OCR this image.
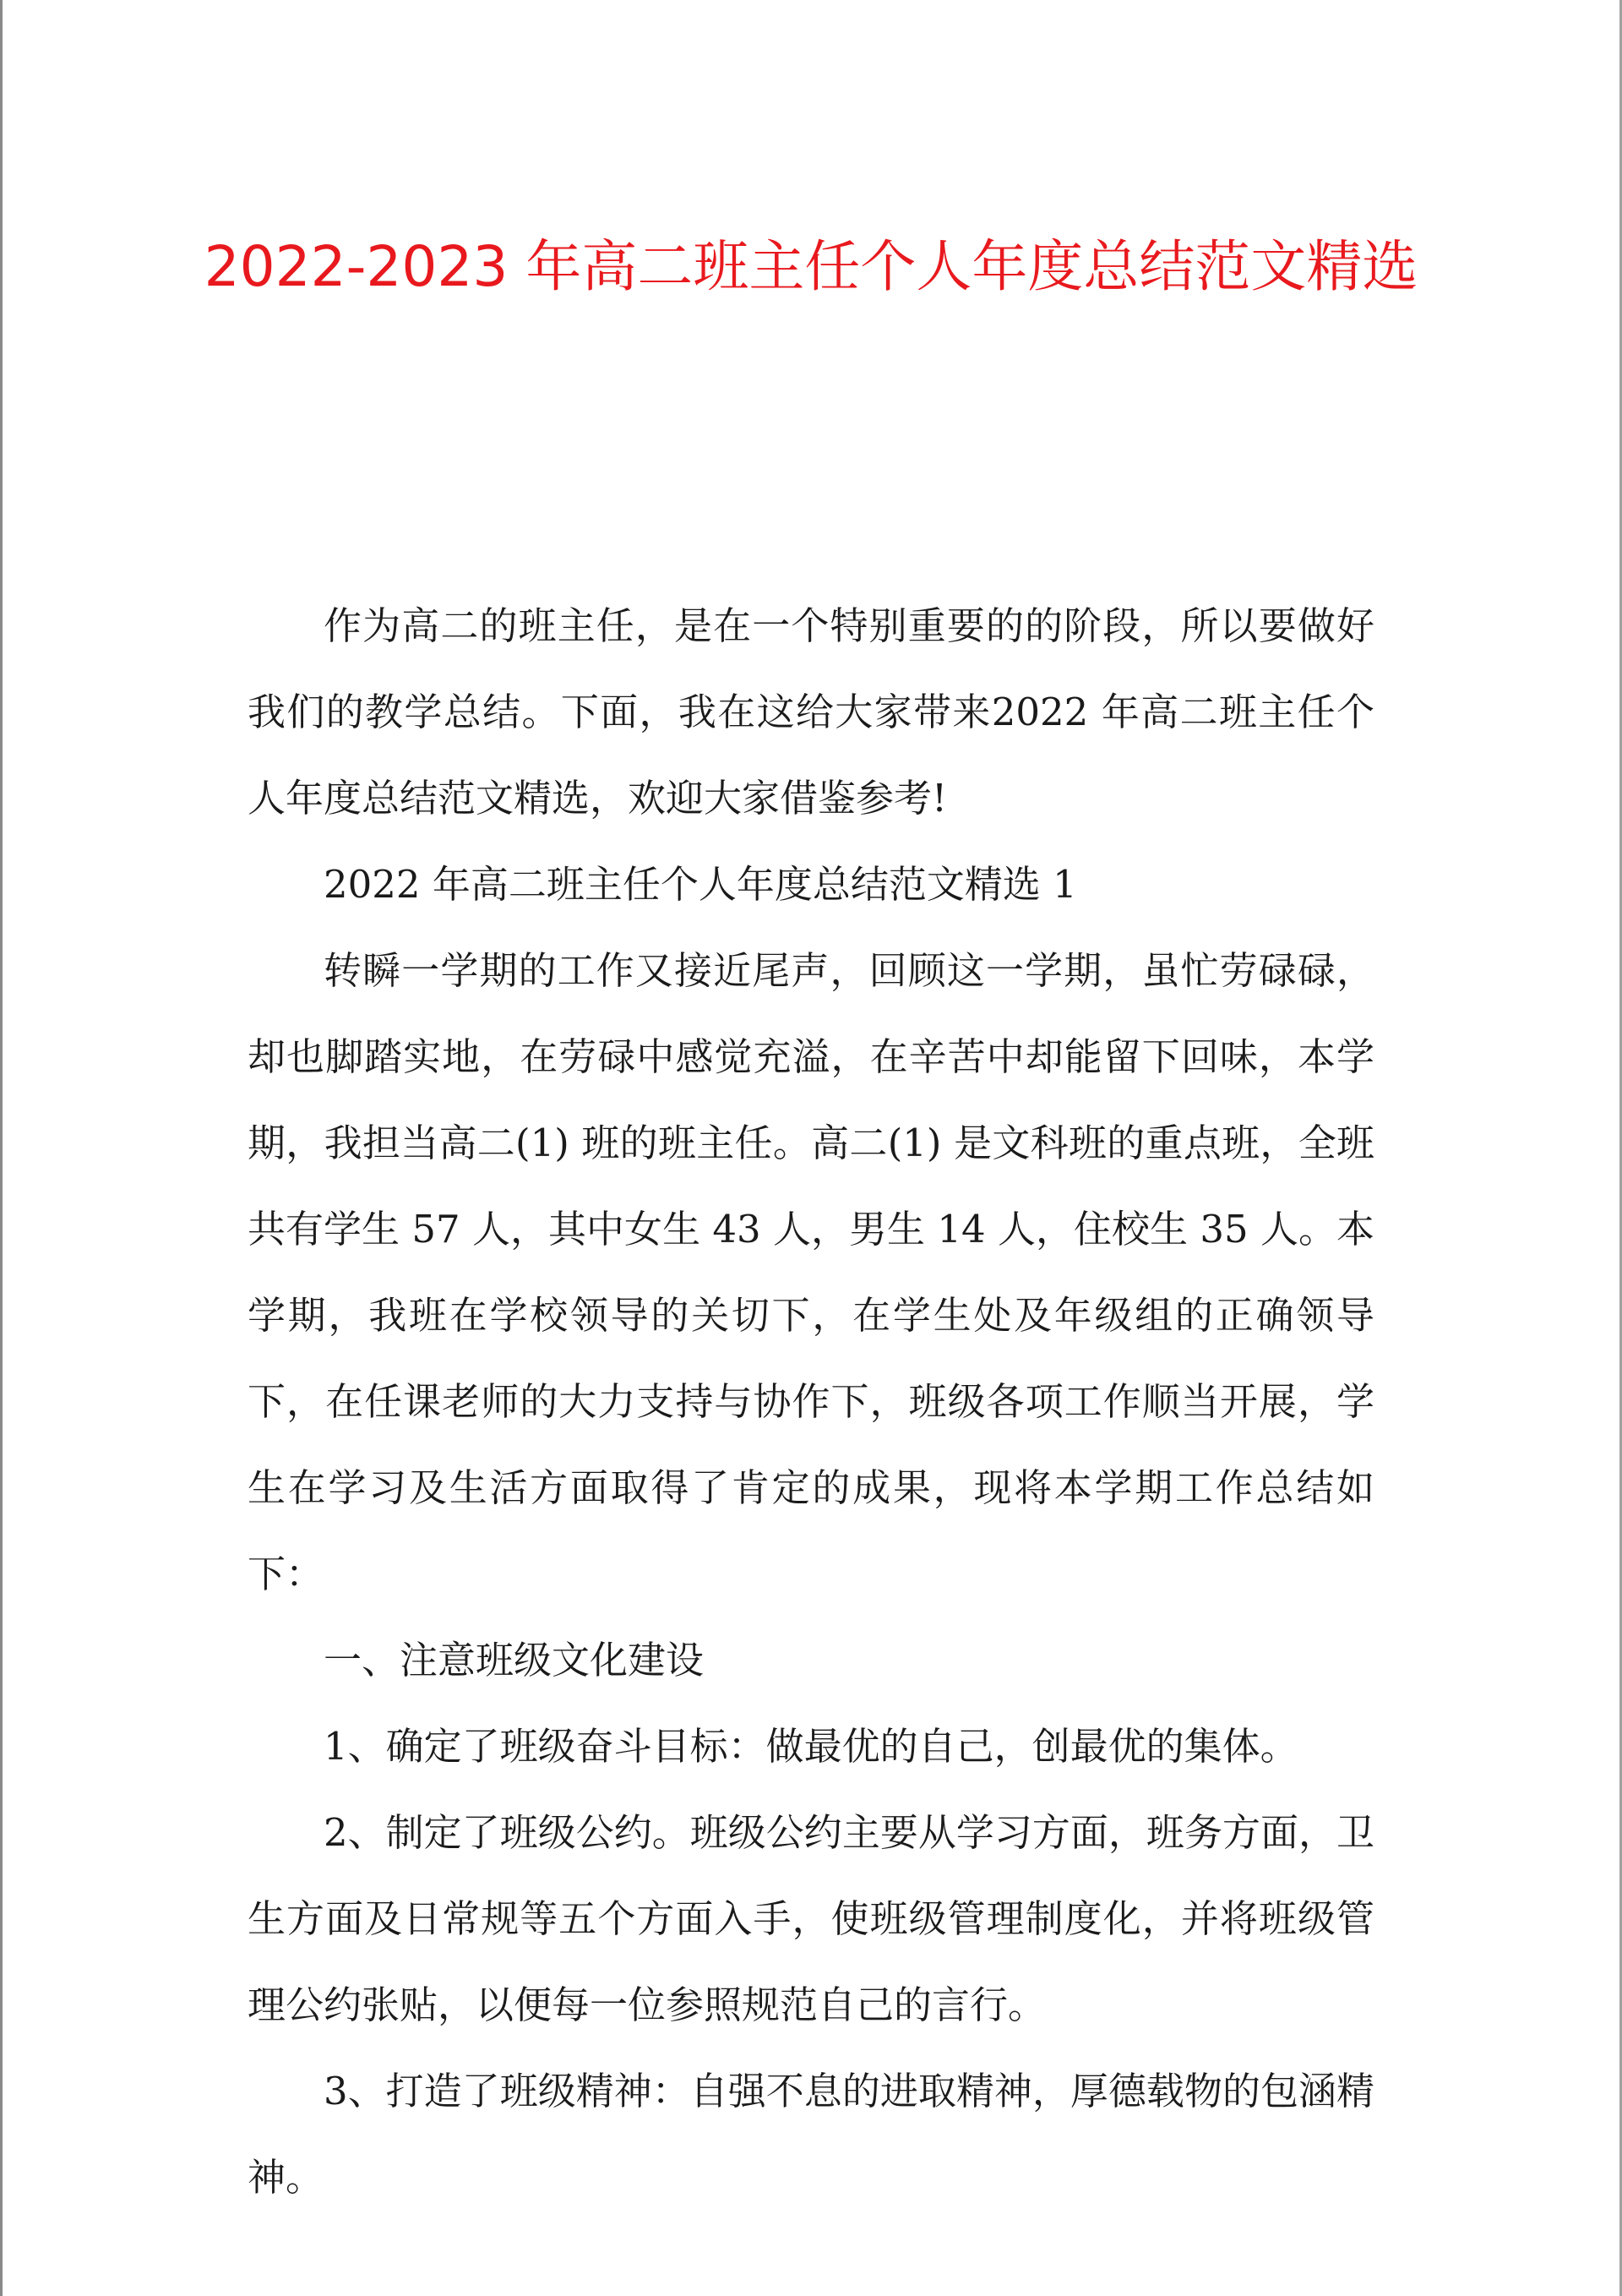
2022-2023 年高二班主任个人年度总结范文精选

作为高二的班主任，是在一个特别重要的的阶段，所以要做好我们的教学总结。下面，我在这给大家带来2022 年高二班主任个人年度总结范文精选，欢迎大家借鉴参考!

2022 年高二班主任个人年度总结范文精选 1

转瞬一学期的工作又接近尾声，回顾这一学期，虽忙劳碌碌，却也脚踏实地，在劳碌中感觉充溢，在辛苦中却能留下回味，本学期，我担当高二(1) 班的班主任。高二(1) 是文科班的重点班，全班共有学生 57 人，其中女生 43 人，男生 14 人，住校生 35 人。本学期，我班在学校领导的关切下，在学生处及年级组的正确领导下，在任课老师的大力支持与协作下，班级各项工作顺当开展，学生在学习及生活方面取得了肯定的成果，现将本学期工作总结如下：

一、注意班级文化建设

1、确定了班级奋斗目标：做最优的自己，创最优的集体。

2、制定了班级公约。班级公约主要从学习方面，班务方面，卫生方面及日常规等五个方面入手，使班级管理制度化，并将班级管理公约张贴，以便每一位参照规范自己的言行。

3、打造了班级精神：自强不息的进取精神，厚德载物的包涵精神。
